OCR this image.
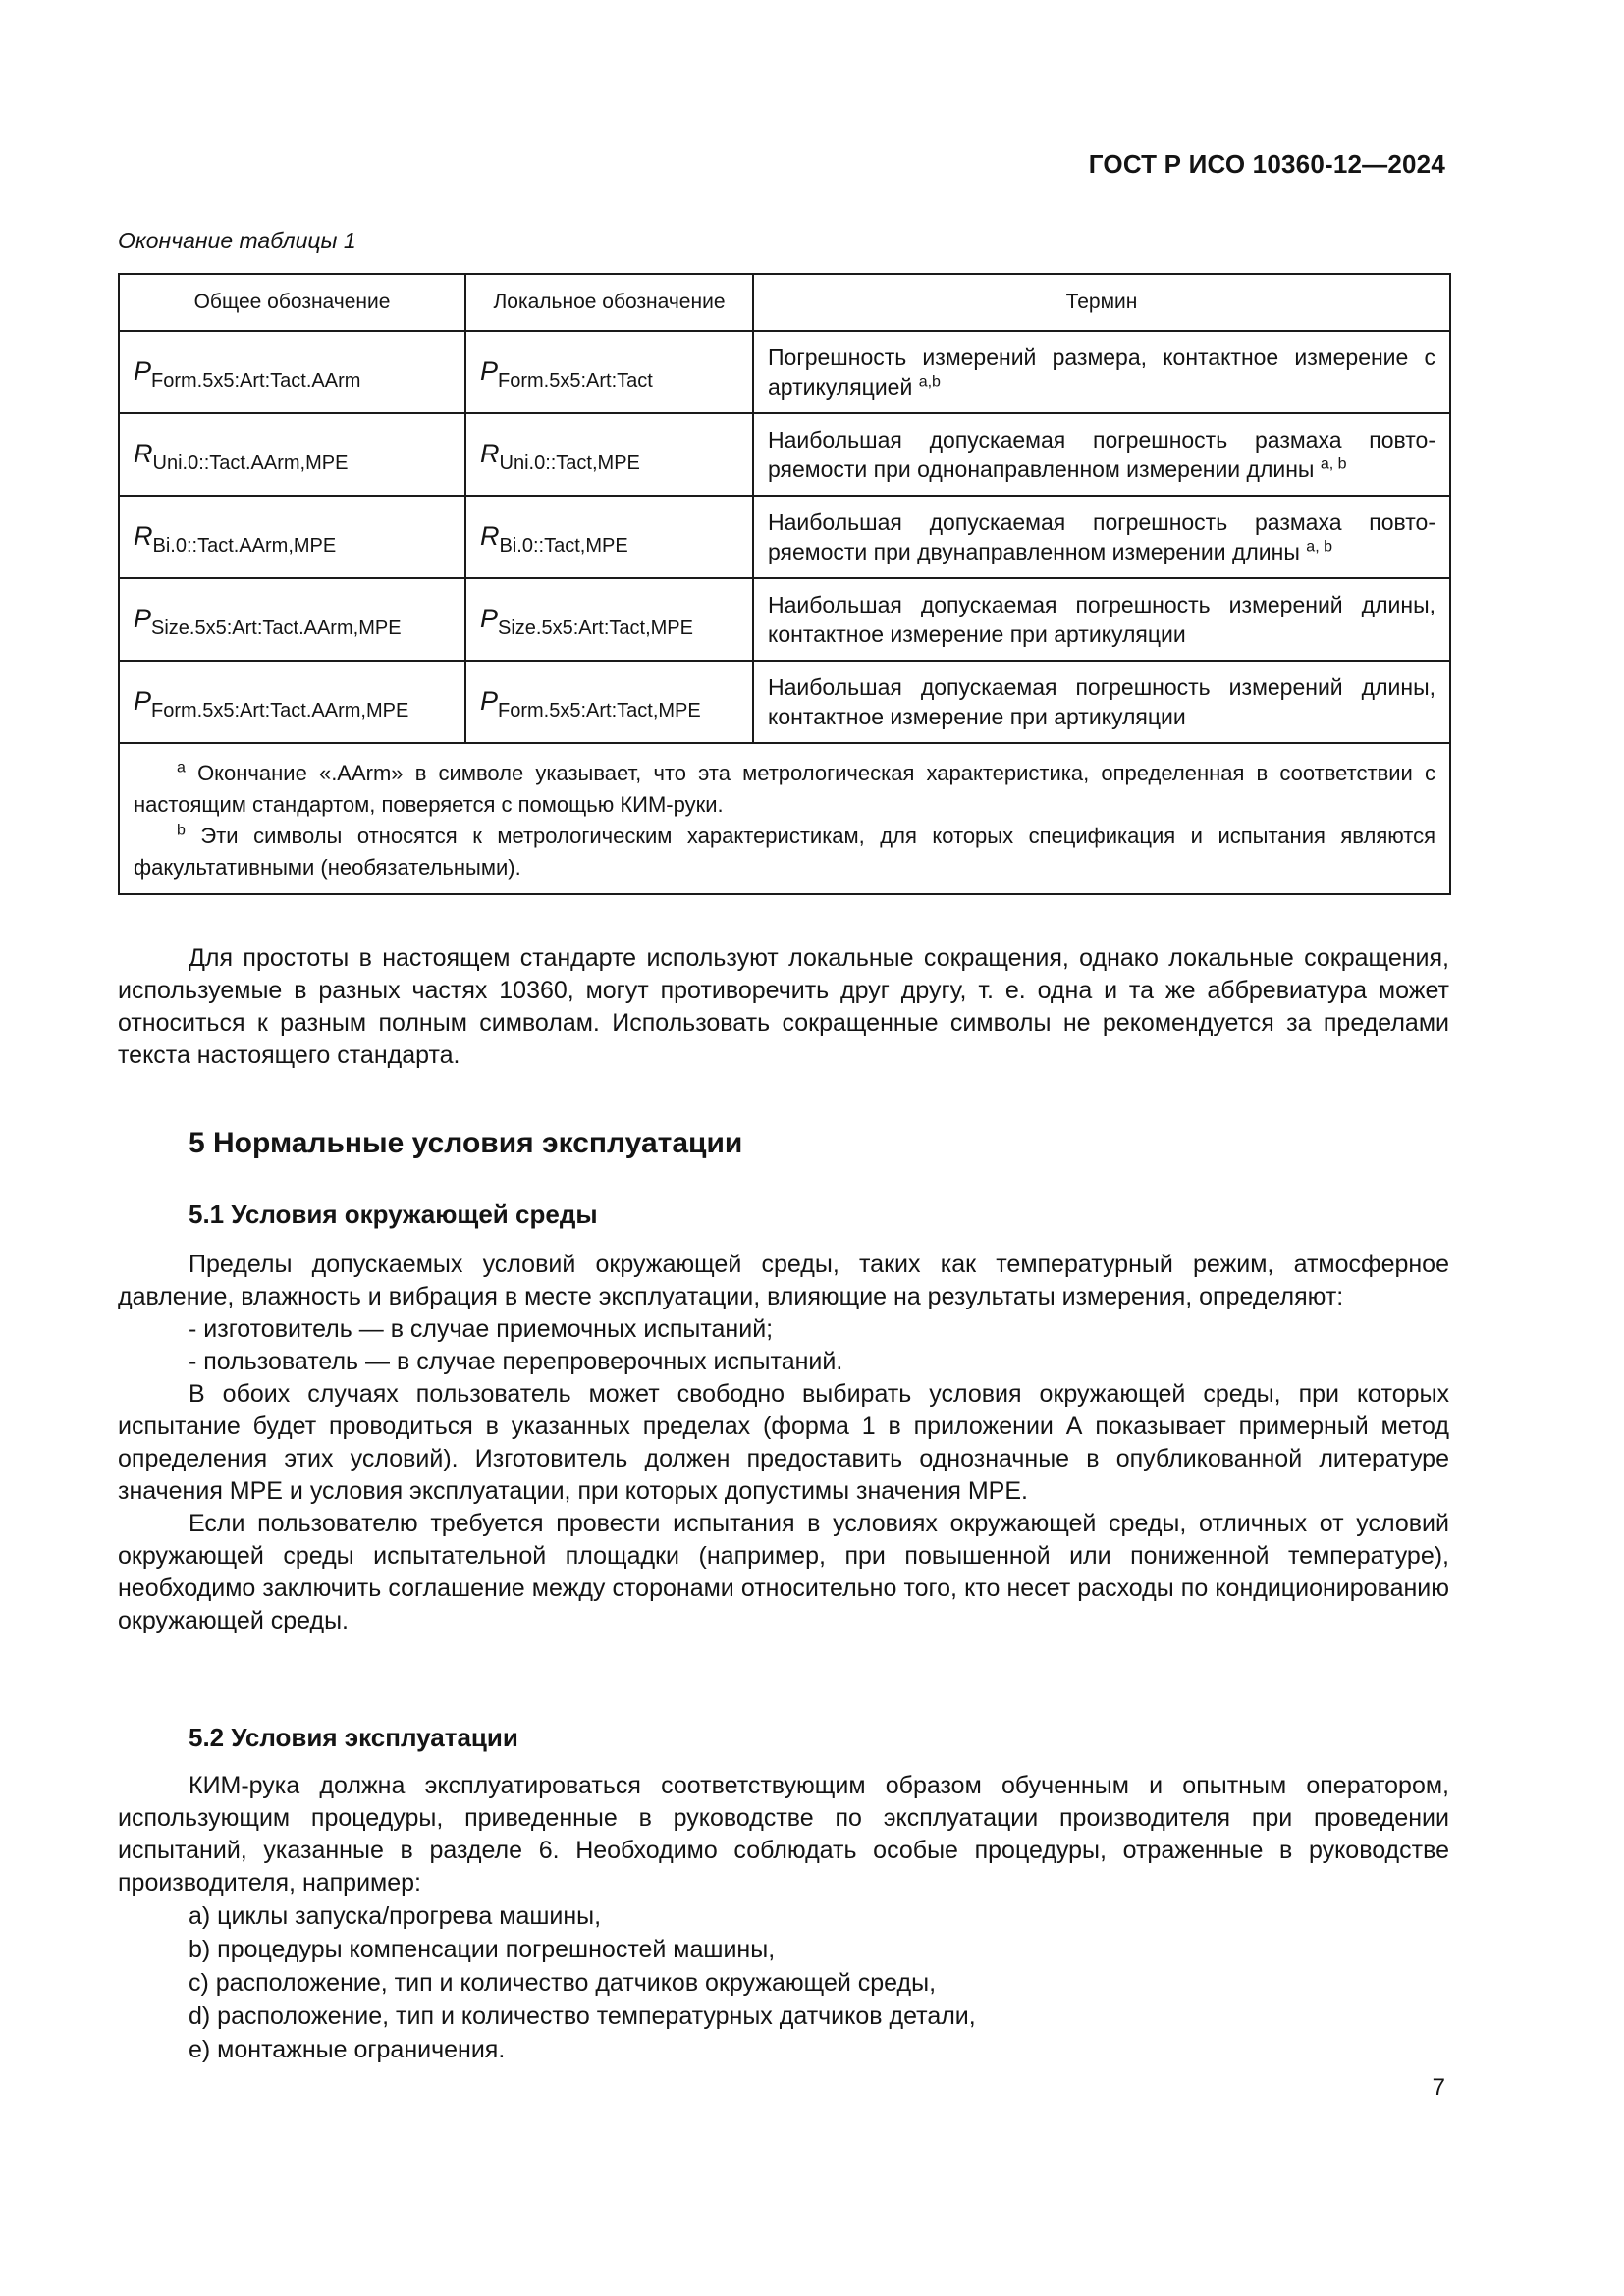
ГОСТ Р ИСО 10360-12—2024
Окончание таблицы 1
Общее обозначение	Локальное обозначение	Термин
PForm.5x5:Art:Tact.AArm	PForm.5x5:Art:Tact	Погрешность измерений размера, контактное измерение с артикуляцией $^{a,b}$
RUni.0::Tact.AArm,MPE	RUni.0::Tact,MPE	Наибольшая допускаемая погрешность размаха повторяемости при однонаправленном измерении длины $^{a, b}$
RBi.0::Tact.AArm,MPE	RBi.0::Tact,MPE	Наибольшая допускаемая погрешность размаха повторяемости при двунаправленном измерении длины $^{a, b}$
PSize.5x5:Art:Tact.AArm,MPE	PSize.5x5:Art:Tact,MPE	Наибольшая допускаемая погрешность измерений длины, контактное измерение при артикуляции
PForm.5x5:Art:Tact.AArm,MPE	PForm.5x5:Art:Tact,MPE	Наибольшая допускаемая погрешность измерений длины, контактное измерение при артикуляции

$^a$ Окончание «.AArm» в символе указывает, что эта метрологическая характеристика, определенная в соответствии с настоящим стандартом, поверяется с помощью КИМ-руки.

$^b$ Эти символы относятся к метрологическим характеристикам, для которых спецификация и испытания являются факультативными (необязательными).		

Для простоты в настоящем стандарте используют локальные сокращения, однако локальные сокращения, используемые в разных частях 10360, могут противоречить друг другу, т. е. одна и та же аббревиатура может относиться к разным полным символам. Использовать сокращенные символы не рекомендуется за пределами текста настоящего стандарта.

5 Нормальные условия эксплуатации
5.1 Условия окружающей среды

Пределы допускаемых условий окружающей среды, таких как температурный режим, атмосферное давление, влажность и вибрация в месте эксплуатации, влияющие на результаты измерения, определяют:

- изготовитель — в случае приемочных испытаний;

- пользователь — в случае перепроверочных испытаний.

В обоих случаях пользователь может свободно выбирать условия окружающей среды, при которых испытание будет проводиться в указанных пределах (форма 1 в приложении А показывает примерный метод определения этих условий). Изготовитель должен предоставить однозначные в опубликованной литературе значения MPE и условия эксплуатации, при которых допустимы значения MPE.

Если пользователю требуется провести испытания в условиях окружающей среды, отличных от условий окружающей среды испытательной площадки (например, при повышенной или пониженной температуре), необходимо заключить соглашение между сторонами относительно того, кто несет расходы по кондиционированию окружающей среды.

5.2 Условия эксплуатации

КИМ-рука должна эксплуатироваться соответствующим образом обученным и опытным оператором, использующим процедуры, приведенные в руководстве по эксплуатации производителя при проведении испытаний, указанные в разделе 6. Необходимо соблюдать особые процедуры, отраженные в руководстве производителя, например:

a) циклы запуска/прогрева машины,
b) процедуры компенсации погрешностей машины,
c) расположение, тип и количество датчиков окружающей среды,
d) расположение, тип и количество температурных датчиков детали,
e) монтажные ограничения.
7
